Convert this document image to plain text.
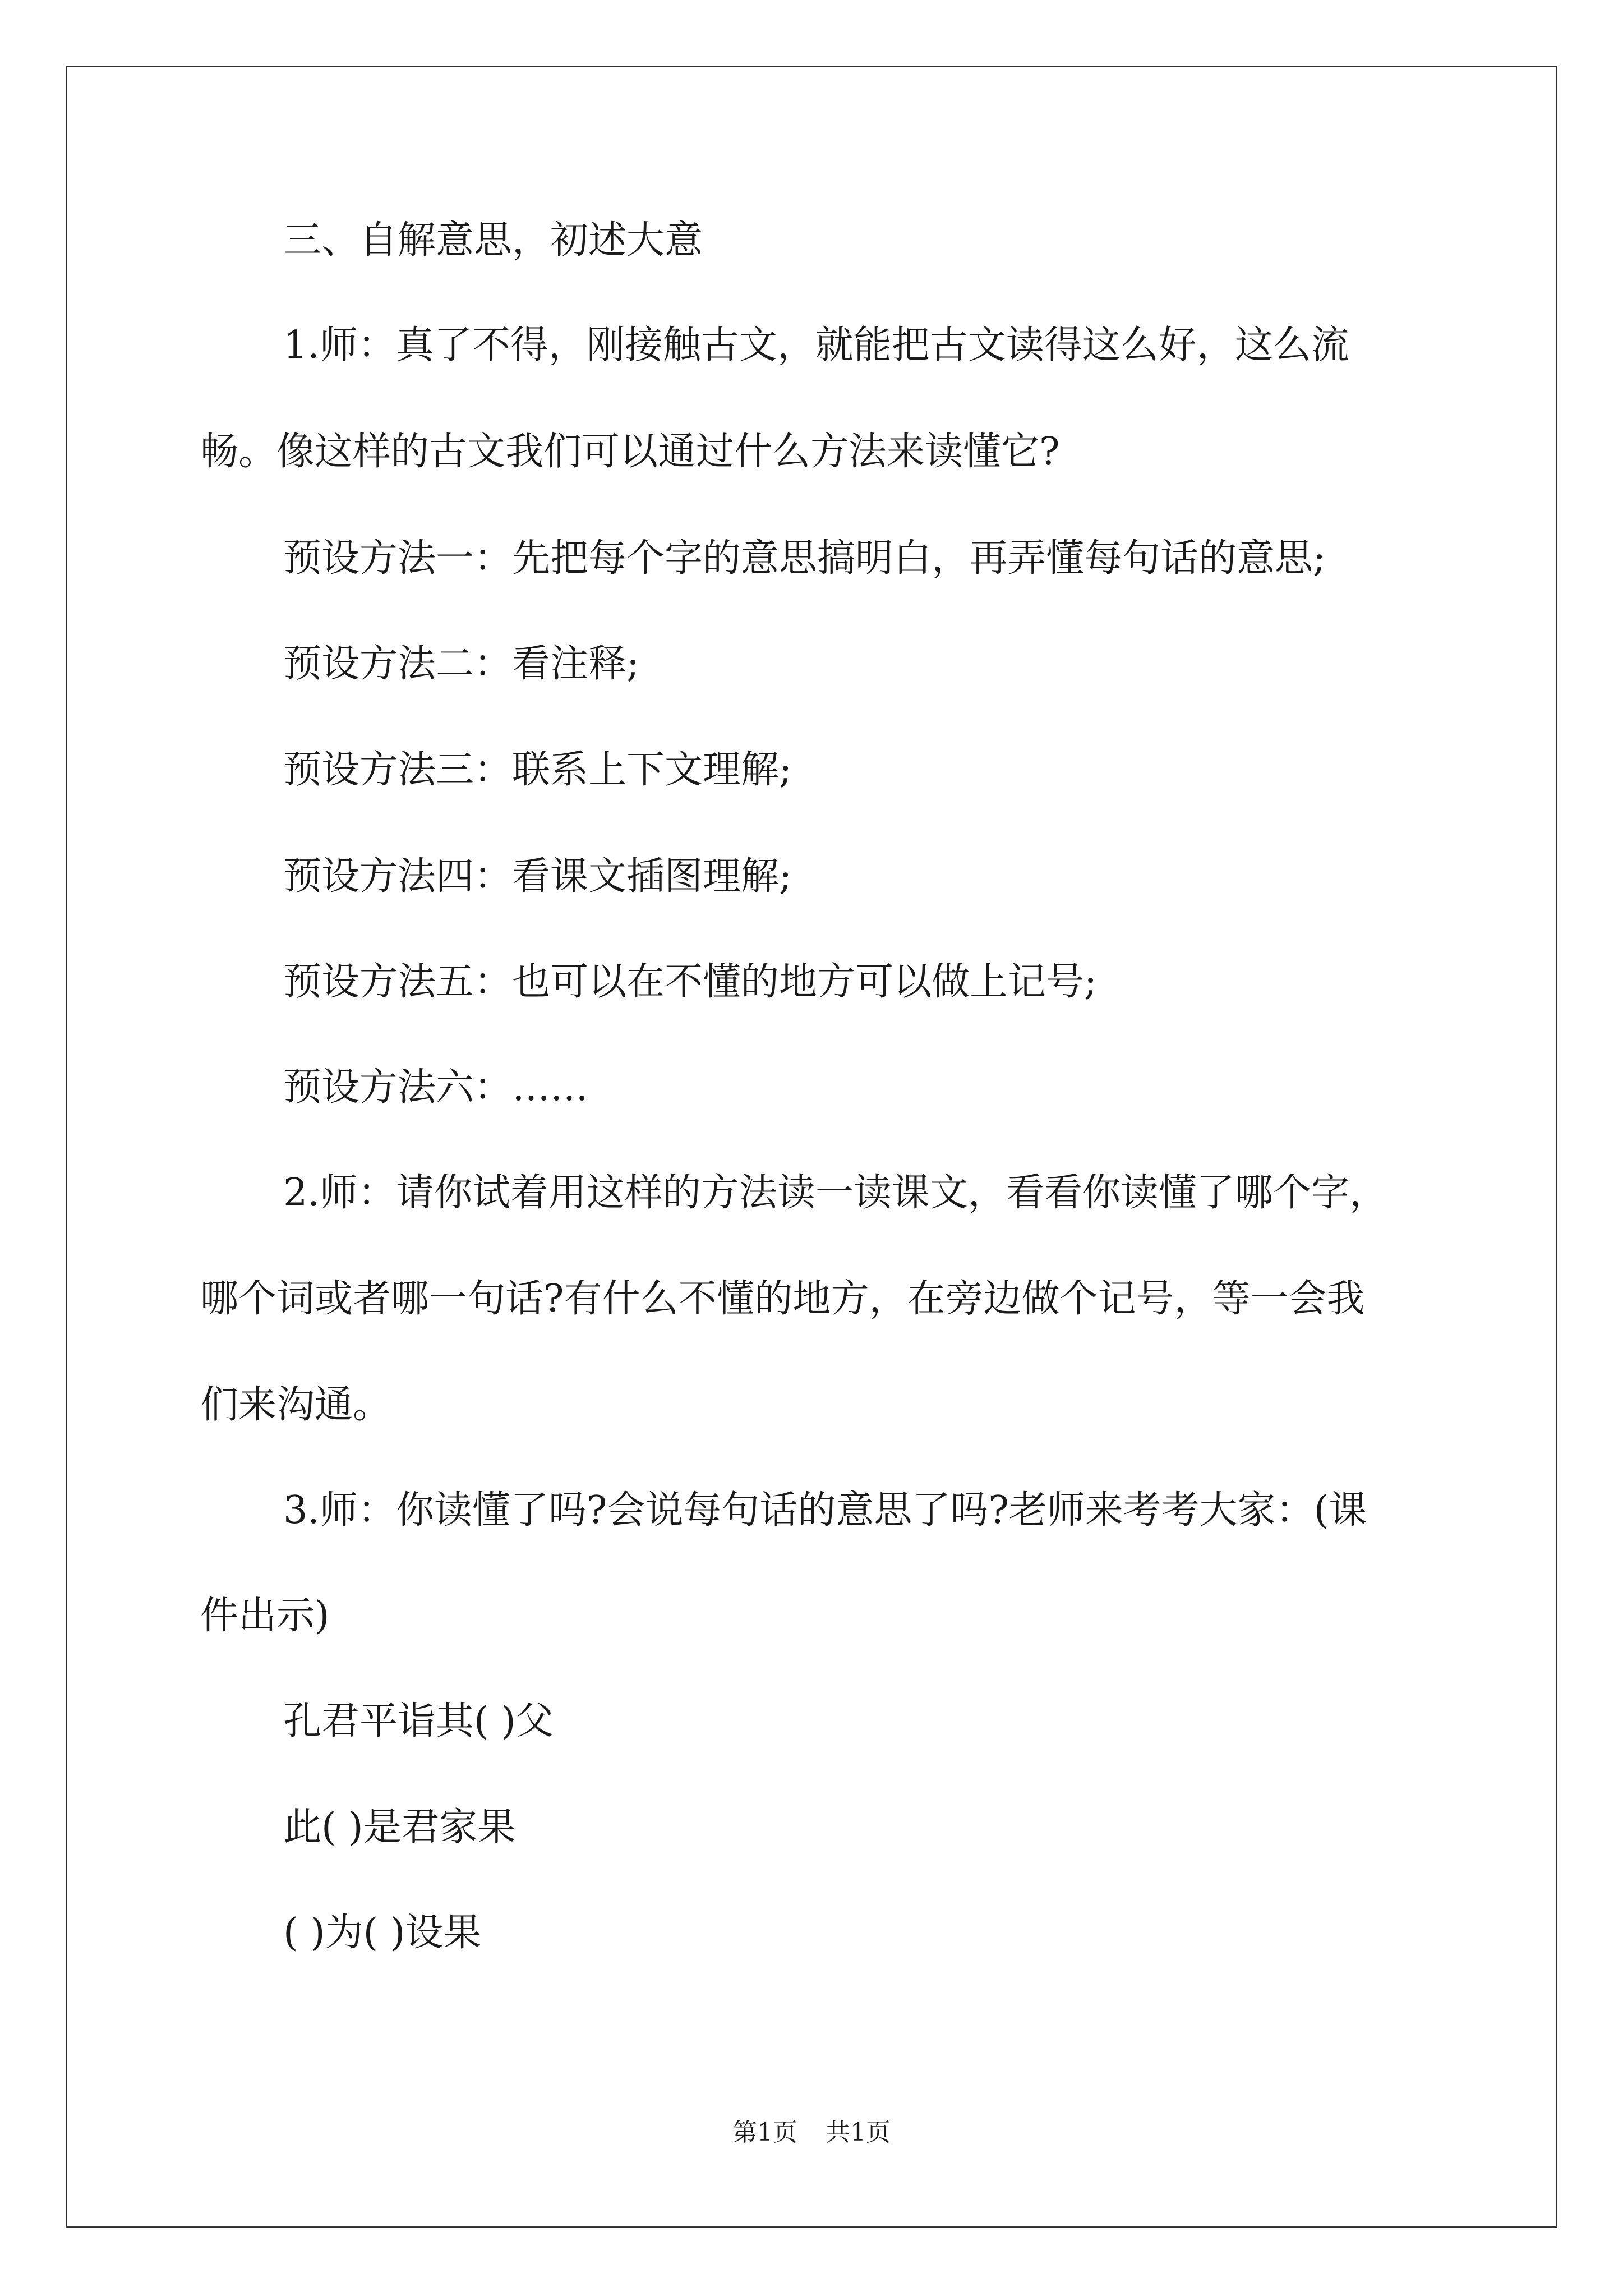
三、自解意思，初述大意

1.师：真了不得，刚接触古文，就能把古文读得这么好，这么流

畅。像这样的古文我们可以通过什么方法来读懂它?

预设方法一：先把每个字的意思搞明白，再弄懂每句话的意思;

预设方法二：看注释;

预设方法三：联系上下文理解;

预设方法四：看课文插图理解;

预设方法五：也可以在不懂的地方可以做上记号;

预设方法六：……

2.师：请你试着用这样的方法读一读课文，看看你读懂了哪个字，

哪个词或者哪一句话?有什么不懂的地方，在旁边做个记号，等一会我

们来沟通。

3.师：你读懂了吗?会说每句话的意思了吗?老师来考考大家：(课

件出示)

孔君平诣其( )父

此( )是君家果

( )为( )设果

第1页 共1页
